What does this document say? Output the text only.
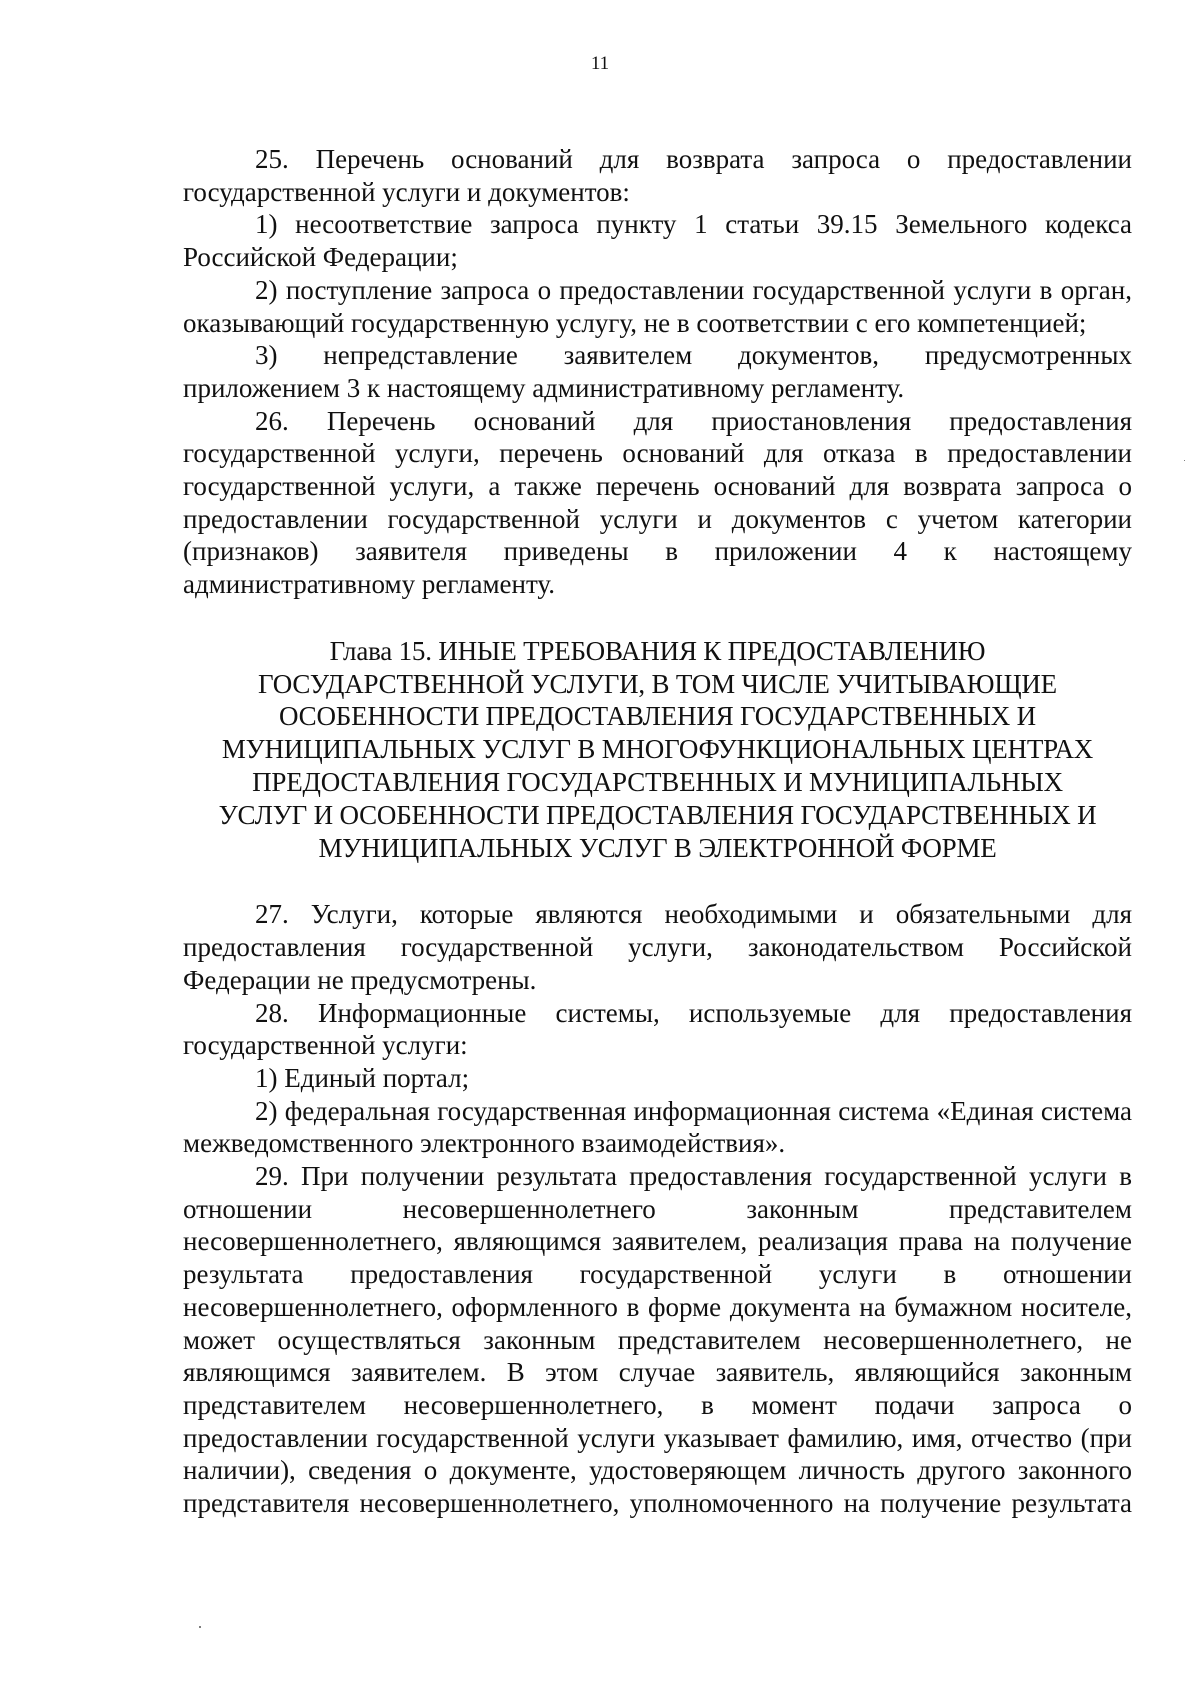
11

25. Перечень оснований для возврата запроса о предоставлении государственной услуги и документов:

1) несоответствие запроса пункту 1 статьи 39.15 Земельного кодекса Российской Федерации;

2) поступление запроса о предоставлении государственной услуги в орган, оказывающий государственную услугу, не в соответствии с его компетенцией;

3) непредставление заявителем документов, предусмотренных приложением 3 к настоящему административному регламенту.

26. Перечень оснований для приостановления предоставления государственной услуги, перечень оснований для отказа в предоставлении государственной услуги, а также перечень оснований для возврата запроса о предоставлении государственной услуги и документов с учетом категории (признаков) заявителя приведены в приложении 4 к настоящему административному регламенту.

Глава 15. ИНЫЕ ТРЕБОВАНИЯ К ПРЕДОСТАВЛЕНИЮ
ГОСУДАРСТВЕННОЙ УСЛУГИ, В ТОМ ЧИСЛЕ УЧИТЫВАЮЩИЕ
ОСОБЕННОСТИ ПРЕДОСТАВЛЕНИЯ ГОСУДАРСТВЕННЫХ И
МУНИЦИПАЛЬНЫХ УСЛУГ В МНОГОФУНКЦИОНАЛЬНЫХ ЦЕНТРАХ
ПРЕДОСТАВЛЕНИЯ ГОСУДАРСТВЕННЫХ И МУНИЦИПАЛЬНЫХ
УСЛУГ И ОСОБЕННОСТИ ПРЕДОСТАВЛЕНИЯ ГОСУДАРСТВЕННЫХ И
МУНИЦИПАЛЬНЫХ УСЛУГ В ЭЛЕКТРОННОЙ ФОРМЕ

27. Услуги, которые являются необходимыми и обязательными для предоставления государственной услуги, законодательством Российской Федерации не предусмотрены.

28. Информационные системы, используемые для предоставления государственной услуги:

1) Единый портал;

2) федеральная государственная информационная система «Единая система межведомственного электронного взаимодействия».

29. При получении результата предоставления государственной услуги в отношении несовершеннолетнего законным представителем несовершеннолетнего, являющимся заявителем, реализация права на получение результата предоставления государственной услуги в отношении несовершеннолетнего, оформленного в форме документа на бумажном носителе, может осуществляться законным представителем несовершеннолетнего, не являющимся заявителем. В этом случае заявитель, являющийся законным представителем несовершеннолетнего, в момент подачи запроса о предоставлении государственной услуги указывает фамилию, имя, отчество (при наличии), сведения о документе, удостоверяющем личность другого законного представителя несовершеннолетнего, уполномоченного на получение результата
